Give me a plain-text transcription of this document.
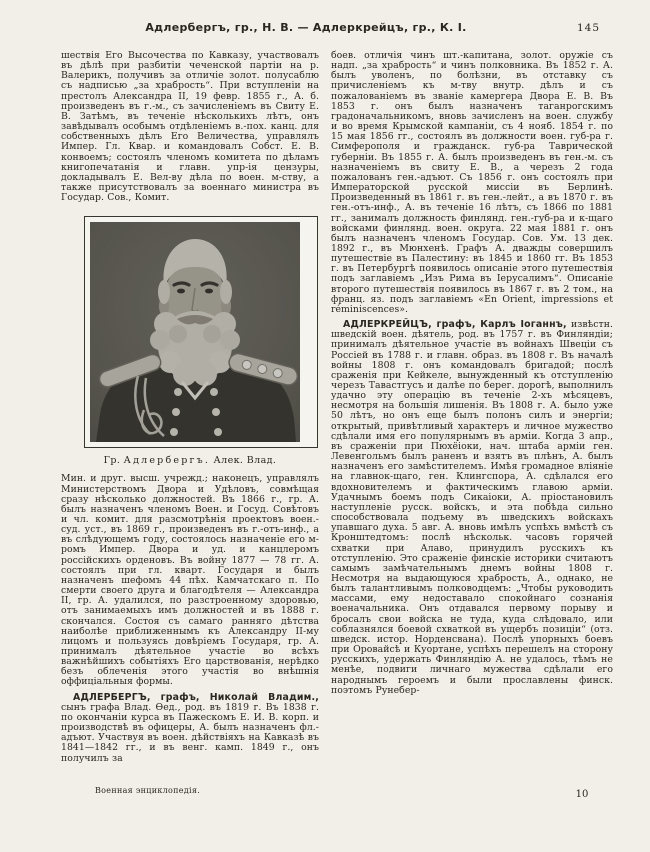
Адлербергъ, гр., Н. В. — Адлеркрейцъ, гр., К. I.	145

шествія Его Высочества по Кавказу, участвовалъ въ дѣлѣ при разбитіи чеченской партіи на р. Валерикъ, получивъ за отличіе золот. полусаблю съ надписью „за храбрость“. При вступленіи на престолъ Александра II, 19 февр. 1855 г., А. б. произведенъ въ г.-м., съ зачисленіемъ въ Свиту Е. В. Затѣмъ, въ теченіе нѣсколькихъ лѣтъ, онъ завѣдывалъ особымъ отдѣленіемъ в.-пох. канц. для собственныхъ дѣлъ Его Величества, управлялъ Импер. Гл. Квар. и командовалъ Собст. Е. В. конвоемъ; состоялъ членомъ комитета по дѣламъ книгопечатанія и главн. упр-ія цензуры, докладывалъ Е. Вел-ву дѣла по воен. м-ству, а также присутствовалъ за военнаго министра въ Государ. Сов., Комит.

Гр. Адлербергъ. Алек. Влад.

Мин. и друг. высш. учрежд.; наконецъ, управлялъ Министерствомъ Двора и Удѣловъ, совмѣщая сразу нѣсколько должностей. Въ 1866 г., гр. А. былъ назначенъ членомъ Воен. и Госуд. Совѣтовъ и чл. комит. для разсмотрѣнія проектовъ воен.-суд. уст., въ 1869 г., произведенъ въ г.-отъ-инф., а въ слѣдующемъ году, состоялось назначеніе его м-ромъ Импер. Двора и уд. и канцлеромъ россійскихъ орденовъ. Въ войну 1877 — 78 гг. А. состоялъ при гл. кварт. Государя и былъ назначенъ шефомъ 44 пѣх. Камчатскаго п. По смерти своего друга и благодѣтеля — Александра II, гр. А. удалился, по разстроенному здоровью, отъ занимаемыхъ имъ должностей и въ 1888 г. скончался. Состоя съ самаго ранняго дѣтства наиболѣе приближеннымъ къ Александру II-му лицомъ и пользуясь довѣріемъ Государя, гр. А. принималъ дѣятельное участіе во всѣхъ важнѣйшихъ событіяхъ Его царствованія, нерѣдко безъ облеченія этого участія во внѣшнія оффиціальныя формы.

АДЛЕРБЕРГЪ, графъ, Николай Владим., сынъ графа Влад. Ѳед., род. въ 1819 г. Въ 1838 г. по окончаніи курса въ Пажескомъ Е. И. В. корп. и производствѣ въ офицеры, А. былъ назначенъ фл.-адъют. Участвуя въ воен. дѣйствіяхъ на Кавказѣ въ 1841—1842 гг., и въ венг. камп. 1849 г., онъ получилъ за

боев. отличія чинъ шт.-капитана, золот. оружіе съ надп. „за храбрость“ и чинъ полковника. Въ 1852 г. А. былъ уволенъ, по болѣзни, въ отставку съ причисленіемъ къ м-тву внутр. дѣлъ и съ пожалованіемъ въ званіе камергера Двора Е. В. Въ 1853 г. онъ былъ назначенъ таганрогскимъ градоначальникомъ, вновь зачисленъ на воен. службу и во время Крымской кампаніи, съ 4 нояб. 1854 г. по 15 мая 1856 гг., состоялъ въ должности воен. губ-ра г. Симферополя и гражданск. губ-ра Таврической губерніи. Въ 1855 г. А. былъ произведенъ въ ген.-м. съ назначеніемъ въ свиту Е. В., а черезъ 2 года пожалованъ ген.-адъют. Съ 1856 г. онъ состоялъ при Императорской русской миссіи въ Берлинѣ. Произведенный въ 1861 г. въ ген.-лейт., а въ 1870 г. въ ген.-отъ-инф., А. въ теченіе 16 лѣтъ, съ 1866 по 1881 гг., занималъ должность финлянд. ген.-губ-ра и к-щаго войсками финлянд. воен. округа. 22 мая 1881 г. онъ былъ назначенъ членомъ Государ. Сов. Ум. 13 дек. 1892 г., въ Мюнхенѣ. Графъ А. дважды совершилъ путешествіе въ Палестину: въ 1845 и 1860 гг. Въ 1853 г. въ Петербургѣ появилось описаніе этого путешествія подъ заглавіемъ „Изъ Рима въ Іерусалимъ“. Описаніе второго путешествія появилось въ 1867 г. въ 2 том., на франц. яз. подъ заглавіемъ «En Orient, impressions et réminiscences».

АДЛЕРКРЕЙЦЪ, графъ, Карлъ Іоганнъ, извѣстн. шведскій воен. дѣятель, род. въ 1757 г. въ Финляндіи; принималъ дѣятельное участіе въ войнахъ Швеціи съ Россіей въ 1788 г. и главн. образ. въ 1808 г. Въ началѣ войны 1808 г. онъ командовалъ бригадой; послѣ сраженія при Кейкеле, вынужденный къ отступленію черезъ Тавастгусъ и далѣе по берег. дорогѣ, выполнилъ удачно эту операцію въ теченіе 2-хъ мѣсяцевъ, несмотря на большія лишенія. Въ 1808 г. А. было уже 50 лѣтъ, но онъ еще былъ полонъ силъ и энергіи; открытый, привѣтливый характеръ и личное мужество сдѣлали имя его популярнымъ въ арміи. Когда 3 апр., въ сраженіи при Пюхёіоки, нач. штаба арміи ген. Левенгольмъ былъ раненъ и взятъ въ плѣнъ, А. былъ назначенъ его замѣстителемъ. Имѣя громадное вліяніе на главнок-щаго, ген. Клингспора, А. сдѣлался его вдохновителемъ и фактическимъ главою арміи. Удачнымъ боемъ подъ Сикаіоки, А. пріостановилъ наступленіе русск. войскъ, и эта побѣда сильно способствовала подъему въ шведскихъ войскахъ упавшаго духа. 5 авг. А. вновь имѣлъ успѣхъ вмѣстѣ съ Кронштедтомъ: послѣ нѣскольк. часовъ горячей схватки при Алаво, принудилъ русскихъ къ отступленію. Это сраженіе финскіе историки считаютъ самымъ замѣчательнымъ днемъ войны 1808 г. Несмотря на выдающуюся храбрость, А., однако, не былъ талантливымъ полководцемъ: „Чтобы руководить массами, ему недоставало спокойнаго сознанія военачальника. Онъ отдавался первому порыву и бросалъ свои войска не туда, куда слѣдовало, или соблазнялся боевой схваткой въ ущербъ позиціи“ (отз. шведск. истор. Норденсвана). Послѣ упорныхъ боевъ при Оровайсѣ и Куортане, успѣхъ перешелъ на сторону русскихъ, удержать Финляндію А. не удалось, тѣмъ не менѣе, подвиги личнаго мужества сдѣлали его народнымъ героемъ и были прославлены финск. поэтомъ Рунебер-

Военная энциклопедія.	10
